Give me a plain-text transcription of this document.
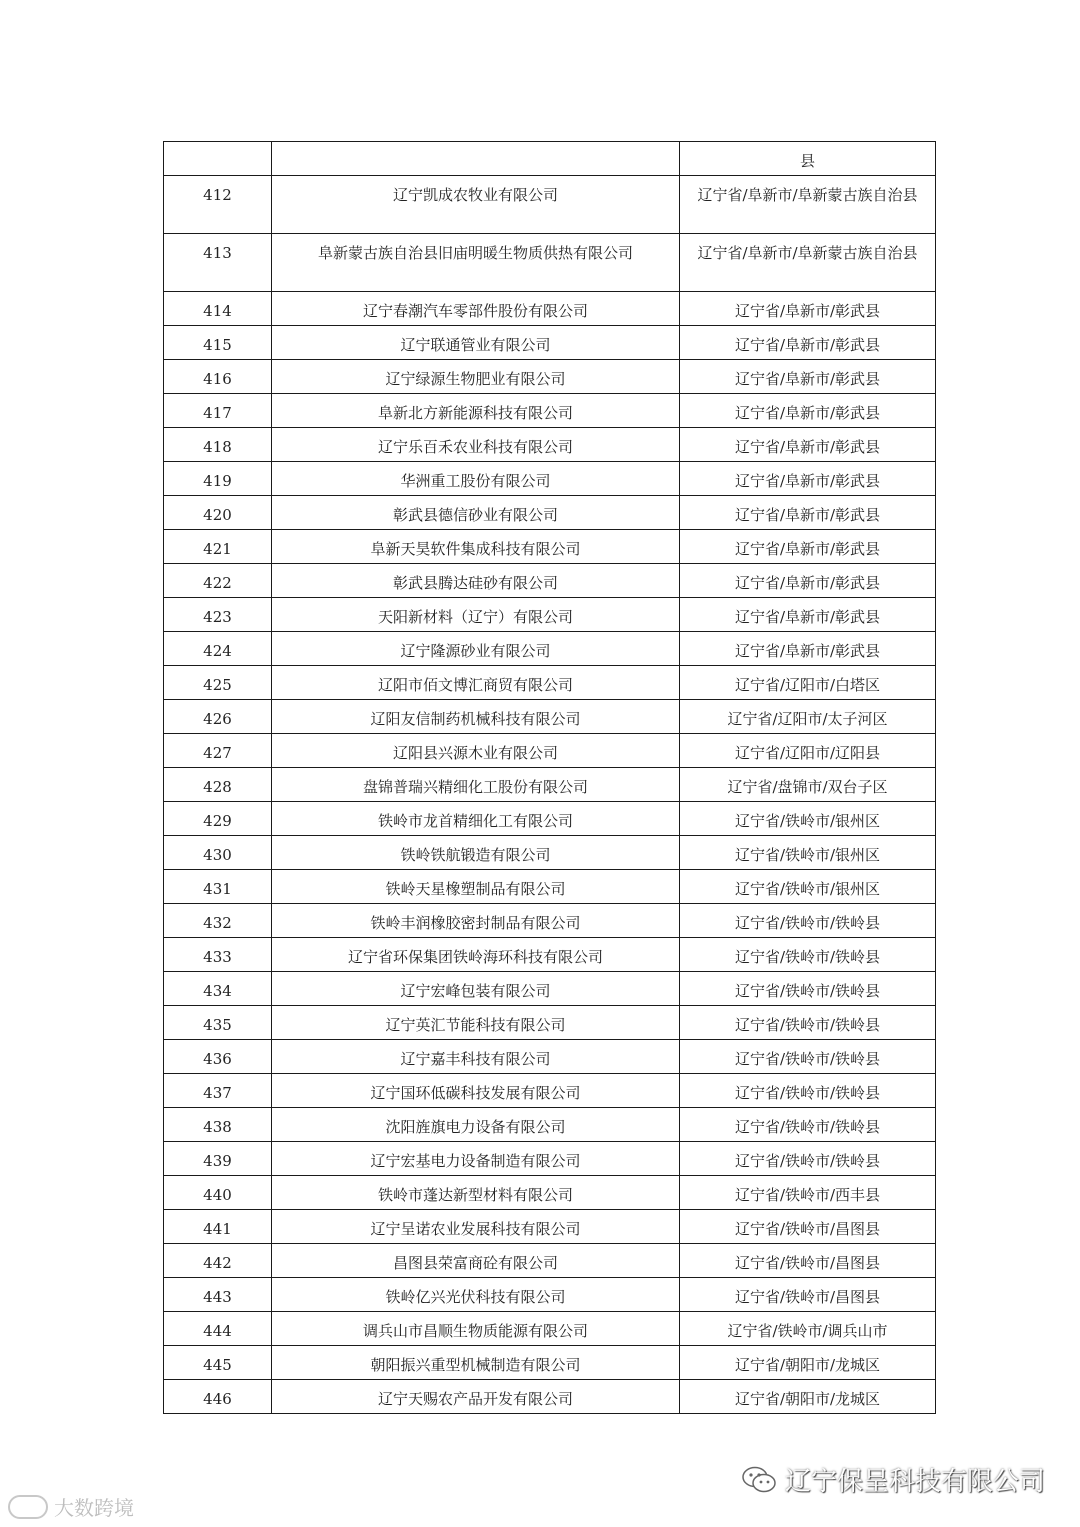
		县
412	辽宁凯成农牧业有限公司	辽宁省/阜新市/阜新蒙古族自治县
413	阜新蒙古族自治县旧庙明暖生物质供热有限公司	辽宁省/阜新市/阜新蒙古族自治县
414	辽宁春潮汽车零部件股份有限公司	辽宁省/阜新市/彰武县
415	辽宁联通管业有限公司	辽宁省/阜新市/彰武县
416	辽宁绿源生物肥业有限公司	辽宁省/阜新市/彰武县
417	阜新北方新能源科技有限公司	辽宁省/阜新市/彰武县
418	辽宁乐百禾农业科技有限公司	辽宁省/阜新市/彰武县
419	华洲重工股份有限公司	辽宁省/阜新市/彰武县
420	彰武县德信砂业有限公司	辽宁省/阜新市/彰武县
421	阜新天昊软件集成科技有限公司	辽宁省/阜新市/彰武县
422	彰武县腾达硅砂有限公司	辽宁省/阜新市/彰武县
423	天阳新材料（辽宁）有限公司	辽宁省/阜新市/彰武县
424	辽宁隆源砂业有限公司	辽宁省/阜新市/彰武县
425	辽阳市佰文博汇商贸有限公司	辽宁省/辽阳市/白塔区
426	辽阳友信制药机械科技有限公司	辽宁省/辽阳市/太子河区
427	辽阳县兴源木业有限公司	辽宁省/辽阳市/辽阳县
428	盘锦普瑞兴精细化工股份有限公司	辽宁省/盘锦市/双台子区
429	铁岭市龙首精细化工有限公司	辽宁省/铁岭市/银州区
430	铁岭铁航锻造有限公司	辽宁省/铁岭市/银州区
431	铁岭天星橡塑制品有限公司	辽宁省/铁岭市/银州区
432	铁岭丰润橡胶密封制品有限公司	辽宁省/铁岭市/铁岭县
433	辽宁省环保集团铁岭海环科技有限公司	辽宁省/铁岭市/铁岭县
434	辽宁宏峰包装有限公司	辽宁省/铁岭市/铁岭县
435	辽宁英汇节能科技有限公司	辽宁省/铁岭市/铁岭县
436	辽宁嘉丰科技有限公司	辽宁省/铁岭市/铁岭县
437	辽宁国环低碳科技发展有限公司	辽宁省/铁岭市/铁岭县
438	沈阳旌旗电力设备有限公司	辽宁省/铁岭市/铁岭县
439	辽宁宏基电力设备制造有限公司	辽宁省/铁岭市/铁岭县
440	铁岭市蓬达新型材料有限公司	辽宁省/铁岭市/西丰县
441	辽宁呈诺农业发展科技有限公司	辽宁省/铁岭市/昌图县
442	昌图县荣富商砼有限公司	辽宁省/铁岭市/昌图县
443	铁岭亿兴光伏科技有限公司	辽宁省/铁岭市/昌图县
444	调兵山市昌顺生物质能源有限公司	辽宁省/铁岭市/调兵山市
445	朝阳振兴重型机械制造有限公司	辽宁省/朝阳市/龙城区
446	辽宁天赐农产品开发有限公司	辽宁省/朝阳市/龙城区
大数跨境
辽宁保呈科技有限公司
